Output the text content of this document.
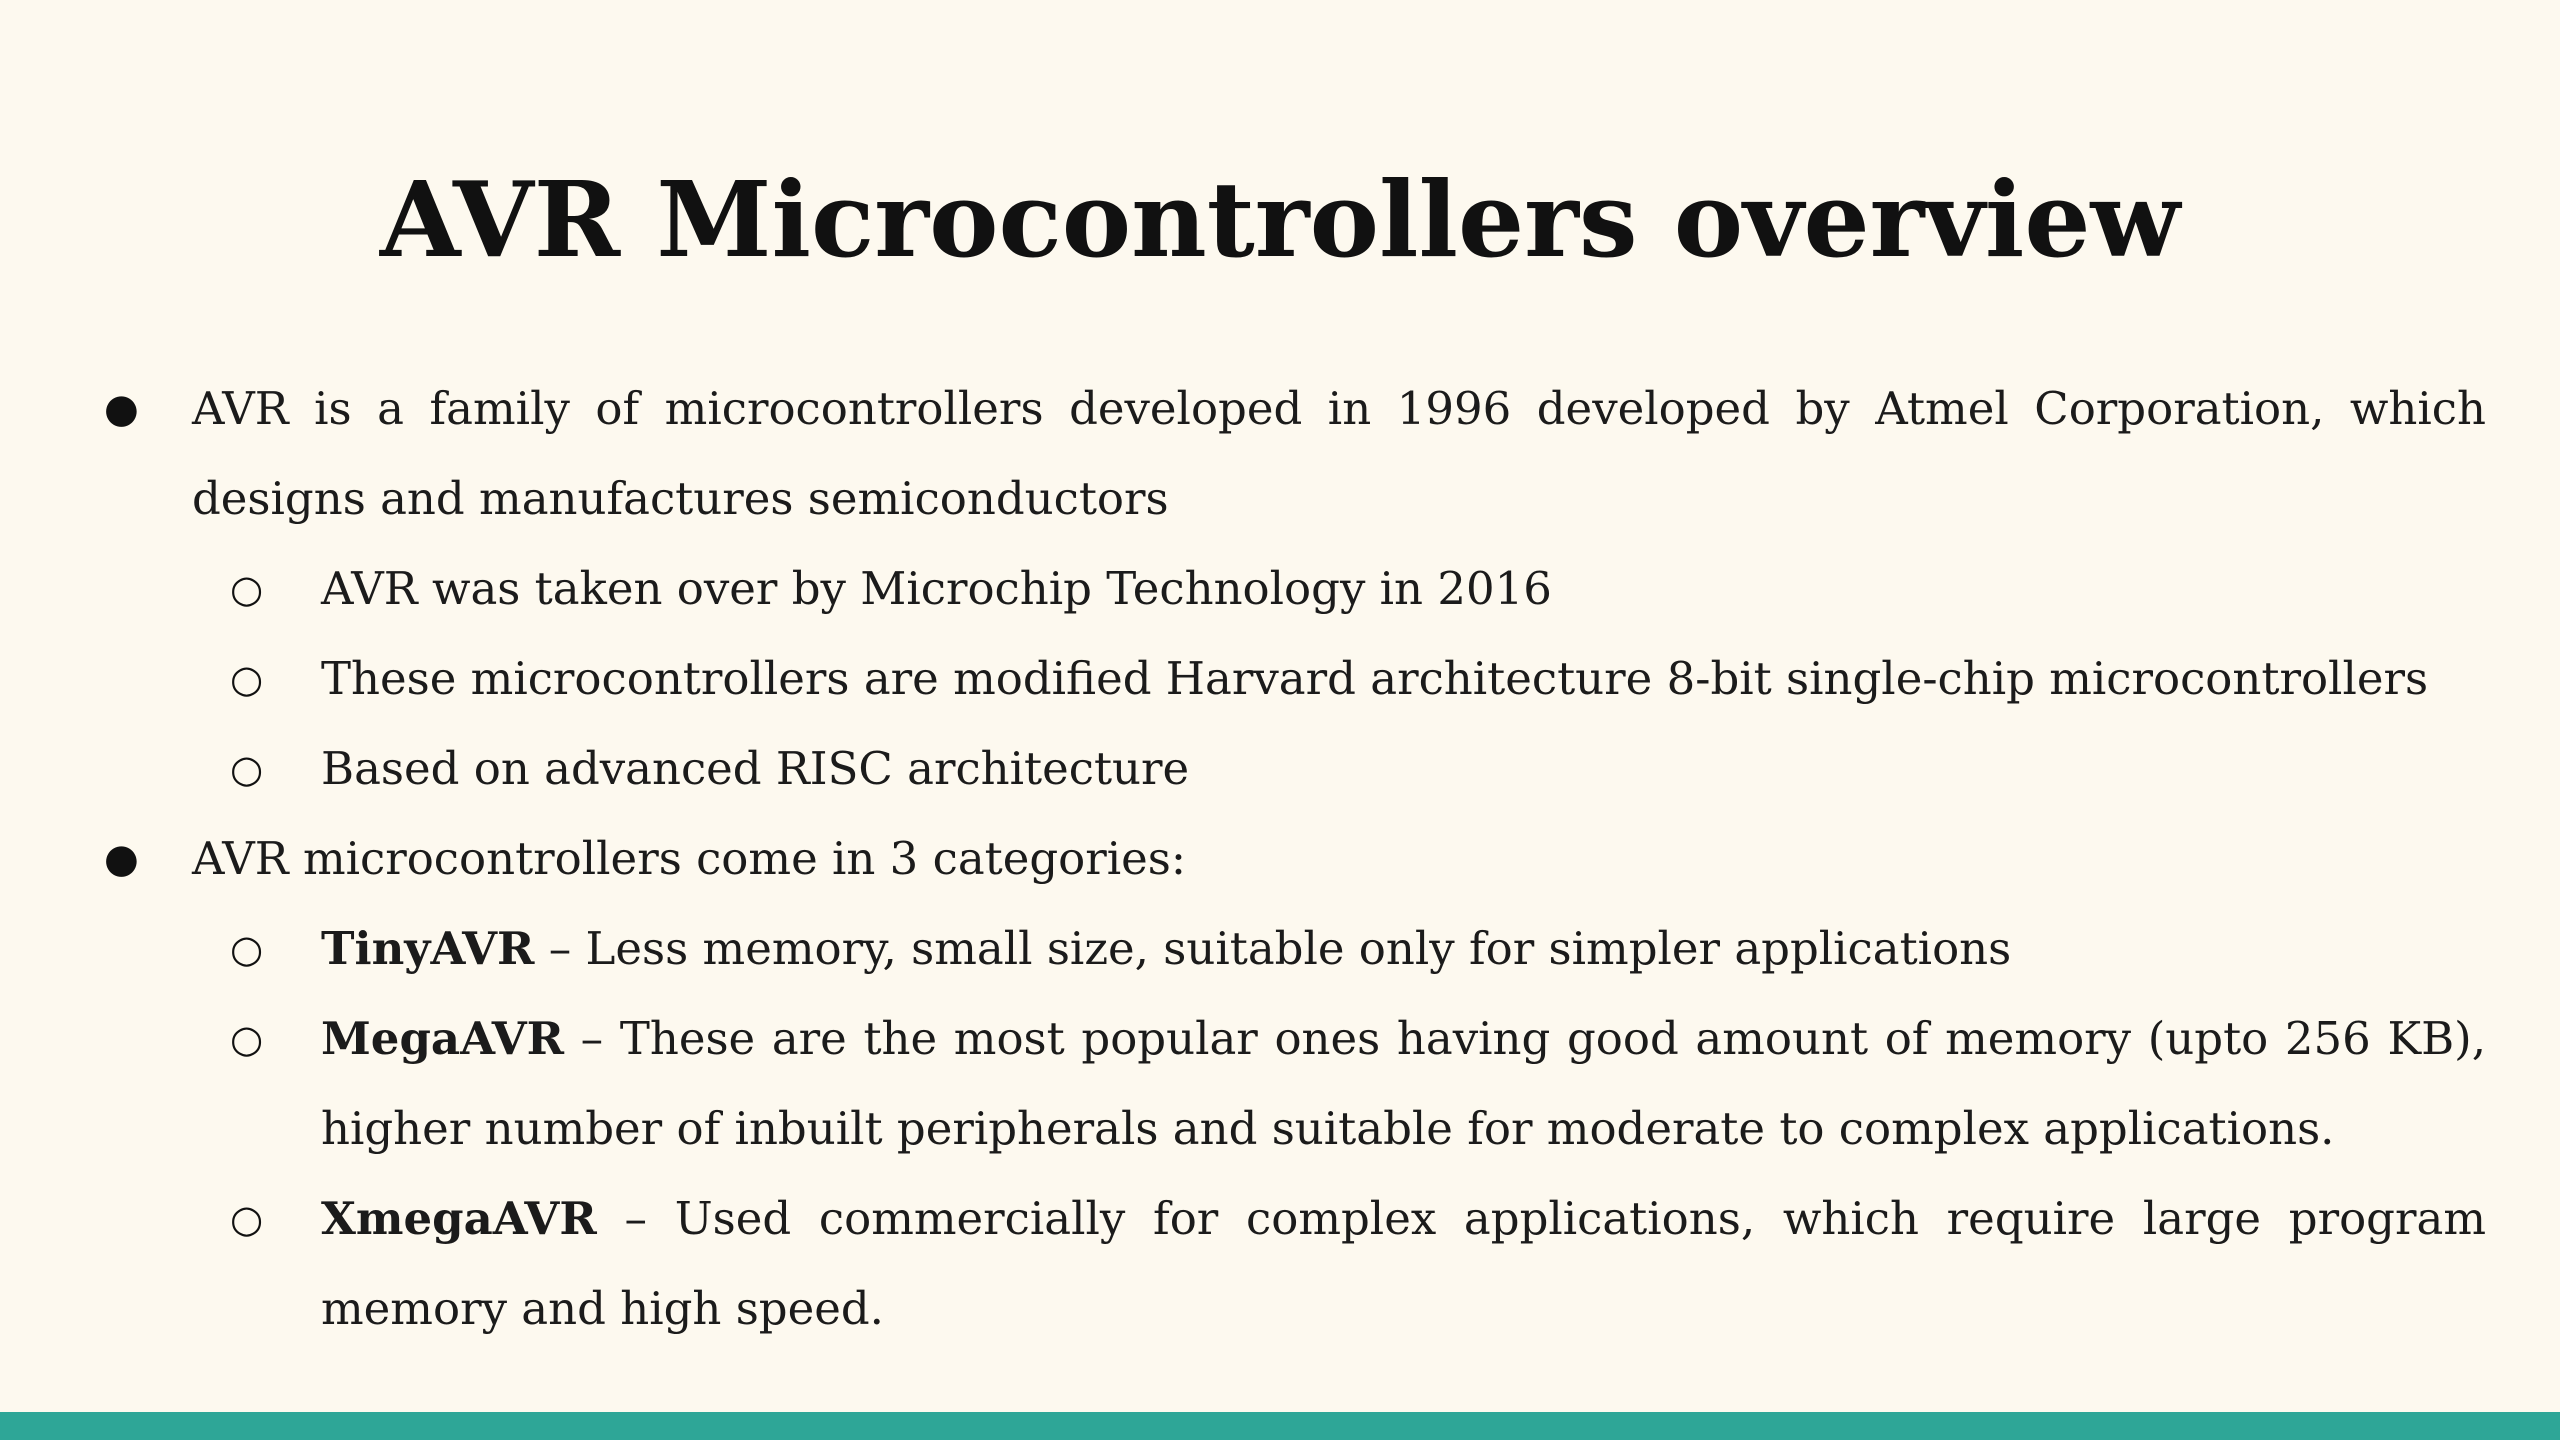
AVR Microcontrollers overview
● AVR is a family of microcontrollers developed in 1996 developed by Atmel Corporation, which designs and manufactures semiconductors
○ AVR was taken over by Microchip Technology in 2016
○ These microcontrollers are modified Harvard architecture 8-bit single-chip microcontrollers
○ Based on advanced RISC architecture
● AVR microcontrollers come in 3 categories:
○ TinyAVR – Less memory, small size, suitable only for simpler applications
○ MegaAVR – These are the most popular ones having good amount of memory (upto 256 KB), higher number of inbuilt peripherals and suitable for moderate to complex applications.
○ XmegaAVR – Used commercially for complex applications, which require large program memory and high speed.
